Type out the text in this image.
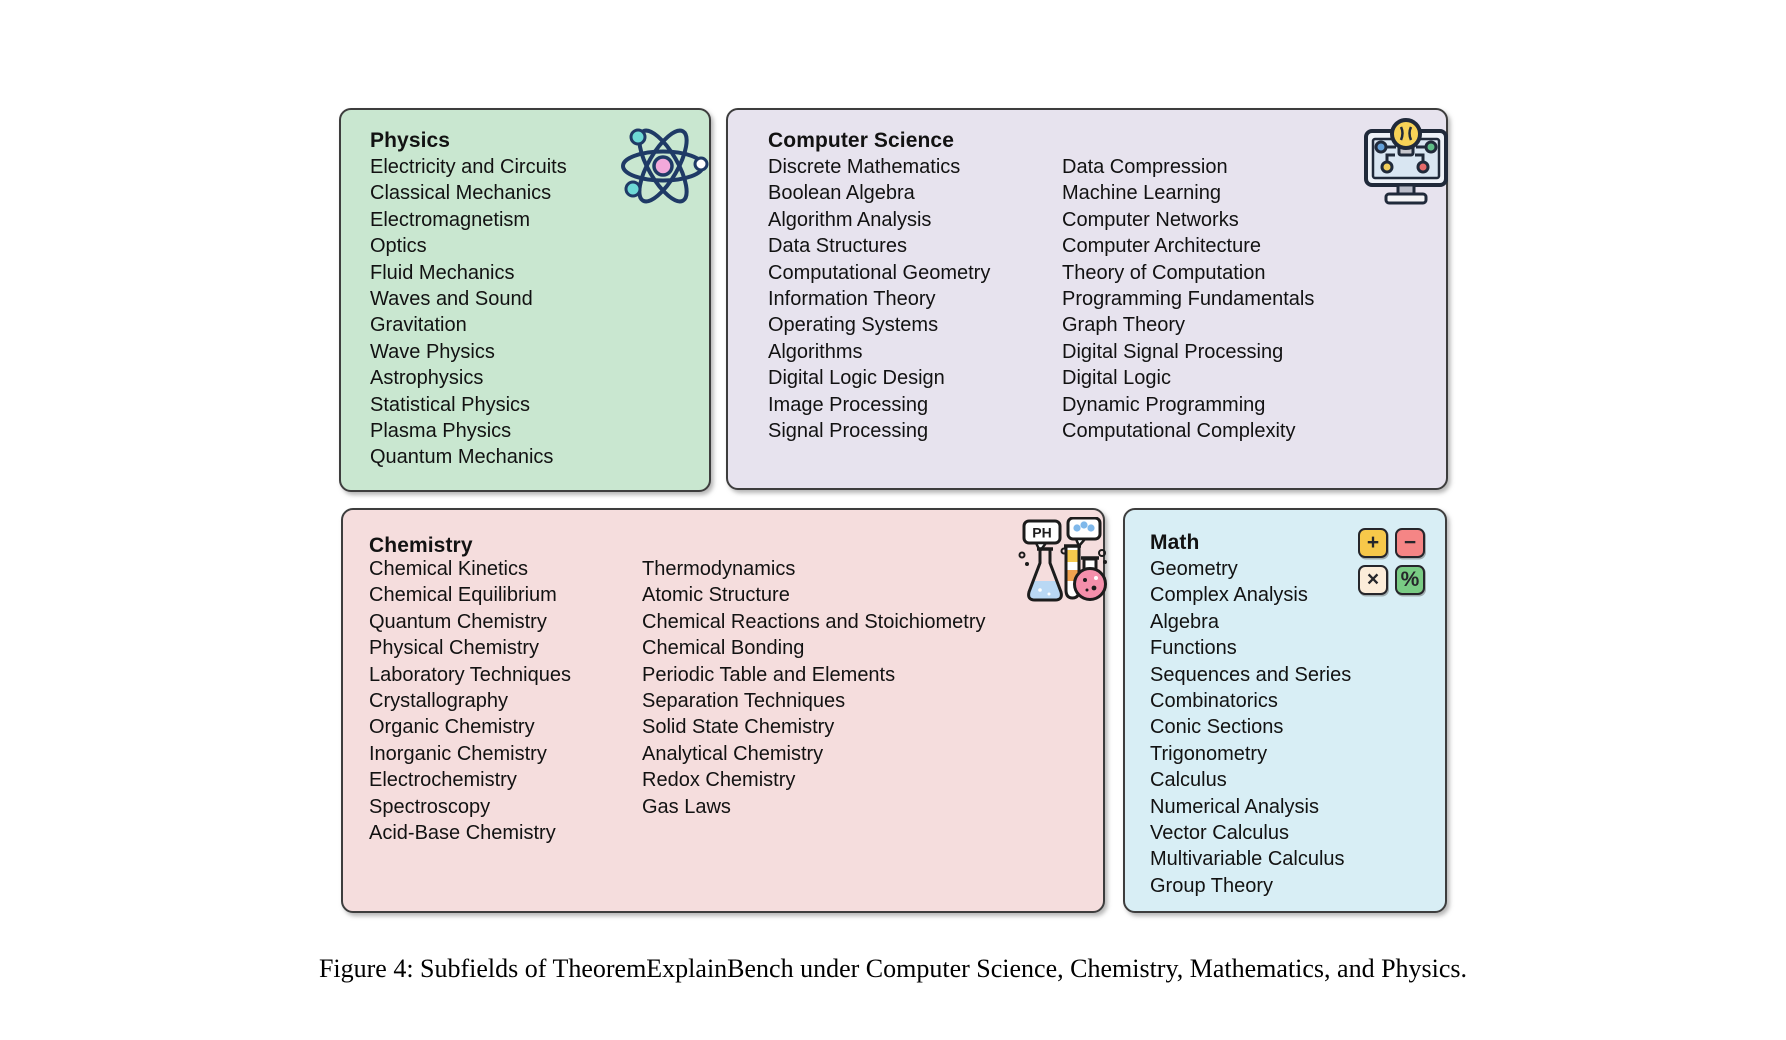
Physics
Electricity and Circuits
Classical Mechanics
Electromagnetism
Optics
Fluid Mechanics
Waves and Sound
Gravitation
Wave Physics
Astrophysics
Statistical Physics
Plasma Physics
Quantum Mechanics
Computer Science
Discrete Mathematics
Boolean Algebra
Algorithm Analysis
Data Structures
Computational Geometry
Information Theory
Operating Systems
Algorithms
Digital Logic Design
Image Processing
Signal Processing
Data Compression
Machine Learning
Computer Networks
Computer Architecture
Theory of Computation
Programming Fundamentals
Graph Theory
Digital Signal Processing
Digital Logic
Dynamic Programming
Computational Complexity
Chemistry
Chemical Kinetics
Chemical Equilibrium
Quantum Chemistry
Physical Chemistry
Laboratory Techniques
Crystallography
Organic Chemistry
Inorganic Chemistry
Electrochemistry
Spectroscopy
Acid-Base Chemistry
Thermodynamics
Atomic Structure
Chemical Reactions and Stoichiometry
Chemical Bonding
Periodic Table and Elements
Separation Techniques
Solid State Chemistry
Analytical Chemistry
Redox Chemistry
Gas Laws
PH	Math
Geometry
Complex Analysis
Algebra
Functions
Sequences and Series
Combinatorics
Conic Sections
Trigonometry
Calculus
Numerical Analysis
Vector Calculus
Multivariable Calculus
Group Theory
+	−
×	%
Figure 4: Subfields of TheoremExplainBench under Computer Science, Chemistry, Mathematics, and Physics.
